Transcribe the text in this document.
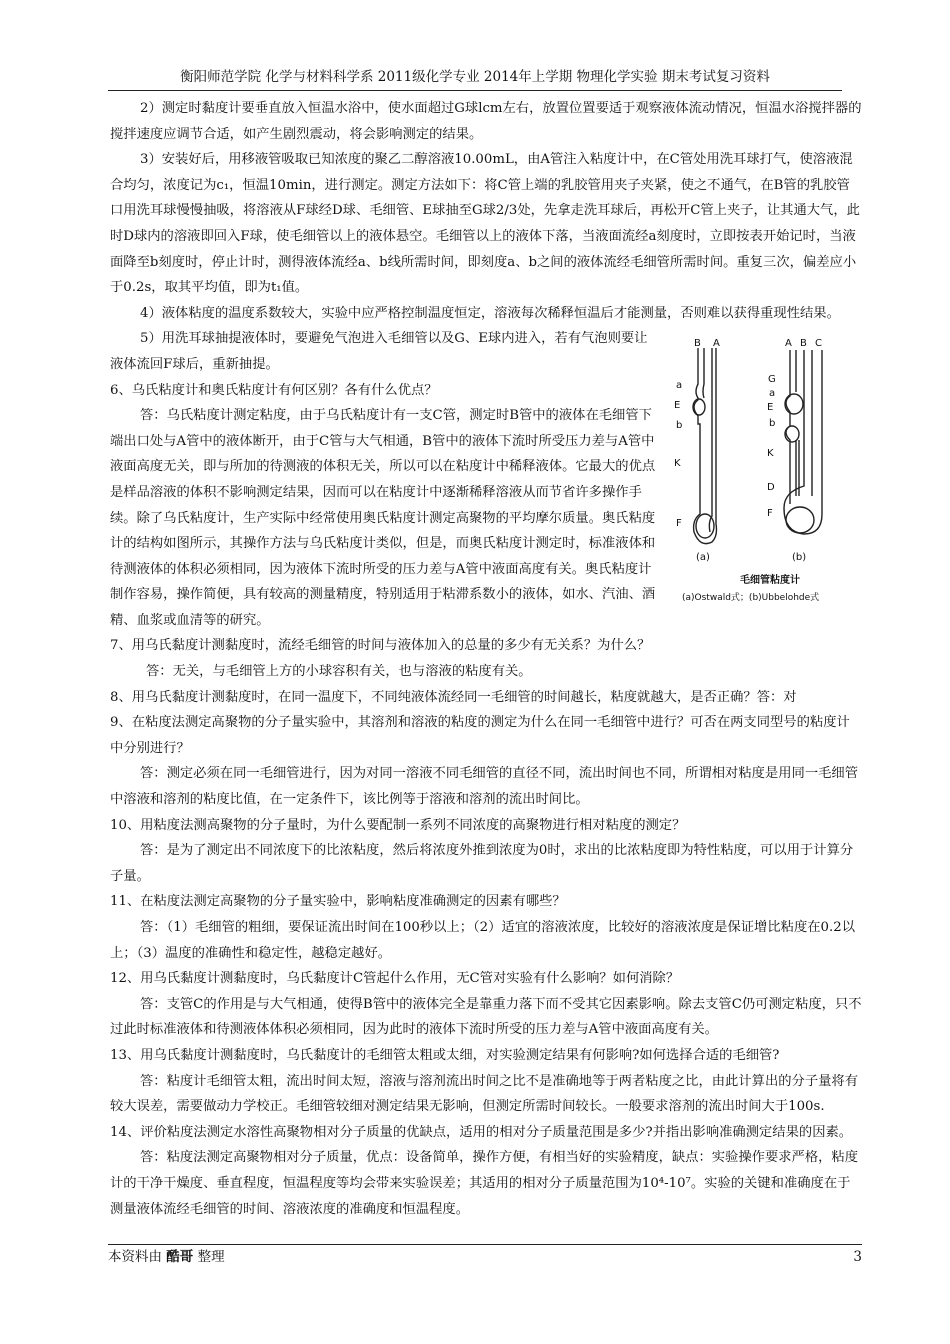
衡阳师范学院 化学与材料科学系 2011级化学专业 2014年上学期 物理化学实验 期末考试复习资料

2）测定时黏度计要垂直放入恒温水浴中，使水面超过G球lcm左右，放置位置要适于观察液体流动情况，恒温水浴搅拌器的搅拌速度应调节合适，如产生剧烈震动，将会影响测定的结果。

3）安装好后，用移液管吸取已知浓度的聚乙二醇溶液10.00mL，由A管注入粘度计中，在C管处用洗耳球打气，使溶液混合均匀，浓度记为c₁，恒温10min，进行测定。测定方法如下：将C管上端的乳胶管用夹子夹紧，使之不通气，在B管的乳胶管口用洗耳球慢慢抽吸，将溶液从F球经D球、毛细管、E球抽至G球2/3处，先拿走洗耳球后，再松开C管上夹子，让其通大气，此时D球内的溶液即回入F球，使毛细管以上的液体悬空。毛细管以上的液体下落，当液面流经a刻度时，立即按表开始记时，当液面降至b刻度时，停止计时，测得液体流经a、b线所需时间，即刻度a、b之间的液体流经毛细管所需时间。重复三次，偏差应小于0.2s，取其平均值，即为t₁值。

4）液体粘度的温度系数较大，实验中应严格控制温度恒定，溶液每次稀释恒温后才能测量，否则难以获得重现性结果。

5）用洗耳球抽提液体时，要避免气泡进入毛细管以及G、E球内进入，若有气泡则要让液体流回F球后，重新抽提。

6、乌氏粘度计和奥氏粘度计有何区别？各有什么优点？

答：乌氏粘度计测定粘度，由于乌氏粘度计有一支C管，测定时B管中的液体在毛细管下端出口处与A管中的液体断开，由于C管与大气相通，B管中的液体下流时所受压力差与A管中液面高度无关，即与所加的待测液的体积无关，所以可以在粘度计中稀释液体。它最大的优点是样品溶液的体积不影响测定结果，因而可以在粘度计中逐渐稀释溶液从而节省许多操作手续。除了乌氏粘度计，生产实际中经常使用奥氏粘度计测定高聚物的平均摩尔质量。奥氏粘度计的结构如图所示，其操作方法与乌氏粘度计类似，但是，而奥氏粘度计测定时，标准液体和待测液体的体积必须相同，因为液体下流时所受的压力差与A管中液面高度有关。奥氏粘度计制作容易，操作简便，具有较高的测量精度，特别适用于粘滞系数小的液体，如水、汽油、酒精、血浆或血清等的研究。

7、用乌氏黏度计测黏度时，流经毛细管的时间与液体加入的总量的多少有无关系？为什么？

答：无关，与毛细管上方的小球容积有关，也与溶液的粘度有关。

8、用乌氏黏度计测黏度时，在同一温度下，不同纯液体流经同一毛细管的时间越长，粘度就越大，是否正确？答：对

9、在粘度法测定高聚物的分子量实验中，其溶剂和溶液的粘度的测定为什么在同一毛细管中进行？可否在两支同型号的粘度计中分别进行？

答：测定必须在同一毛细管进行，因为对同一溶液不同毛细管的直径不同，流出时间也不同，所谓相对粘度是用同一毛细管中溶液和溶剂的粘度比值，在一定条件下，该比例等于溶液和溶剂的流出时间比。

10、用粘度法测高聚物的分子量时，为什么要配制一系列不同浓度的高聚物进行相对粘度的测定？

答：是为了测定出不同浓度下的比浓粘度，然后将浓度外推到浓度为0时，求出的比浓粘度即为特性粘度，可以用于计算分子量。

11、在粘度法测定高聚物的分子量实验中，影响粘度准确测定的因素有哪些？

答：（1）毛细管的粗细，要保证流出时间在100秒以上；（2）适宜的溶液浓度，比较好的溶液浓度是保证增比粘度在0.2以上；（3）温度的准确性和稳定性，越稳定越好。

12、用乌氏黏度计测黏度时，乌氏黏度计C管起什么作用，无C管对实验有什么影响？如何消除？

答：支管C的作用是与大气相通，使得B管中的液体完全是靠重力落下而不受其它因素影响。除去支管C仍可测定粘度，只不过此时标准液体和待测液体体积必须相同，因为此时的液体下流时所受的压力差与A管中液面高度有关。

13、用乌氏黏度计测黏度时，乌氏黏度计的毛细管太粗或太细，对实验测定结果有何影响?如何选择合适的毛细管?

答：粘度计毛细管太粗，流出时间太短，溶液与溶剂流出时间之比不是准确地等于两者粘度之比，由此计算出的分子量将有较大误差，需要做动力学校正。毛细管较细对测定结果无影响，但测定所需时间较长。一般要求溶剂的流出时间大于100s.

14、评价粘度法测定水溶性高聚物相对分子质量的优缺点，适用的相对分子质量范围是多少?并指出影响准确测定结果的因素。

答：粘度法测定高聚物相对分子质量，优点：设备简单，操作方便，有相当好的实验精度，缺点：实验操作要求严格，粘度计的干净干燥度、垂直程度，恒温程度等均会带来实验误差；其适用的相对分子质量范围为10⁴-10⁷。实验的关键和准确度在于测量液体流经毛细管的时间、溶液浓度的准确度和恒温程度。

B A
a
E
b
K
F
A B C
G
a
E
b
K
D
F
(a)	(b)
毛细管粘度计
(a)Ostwald式；(b)Ubbelohde式
本资料由 酷哥 整理	3
